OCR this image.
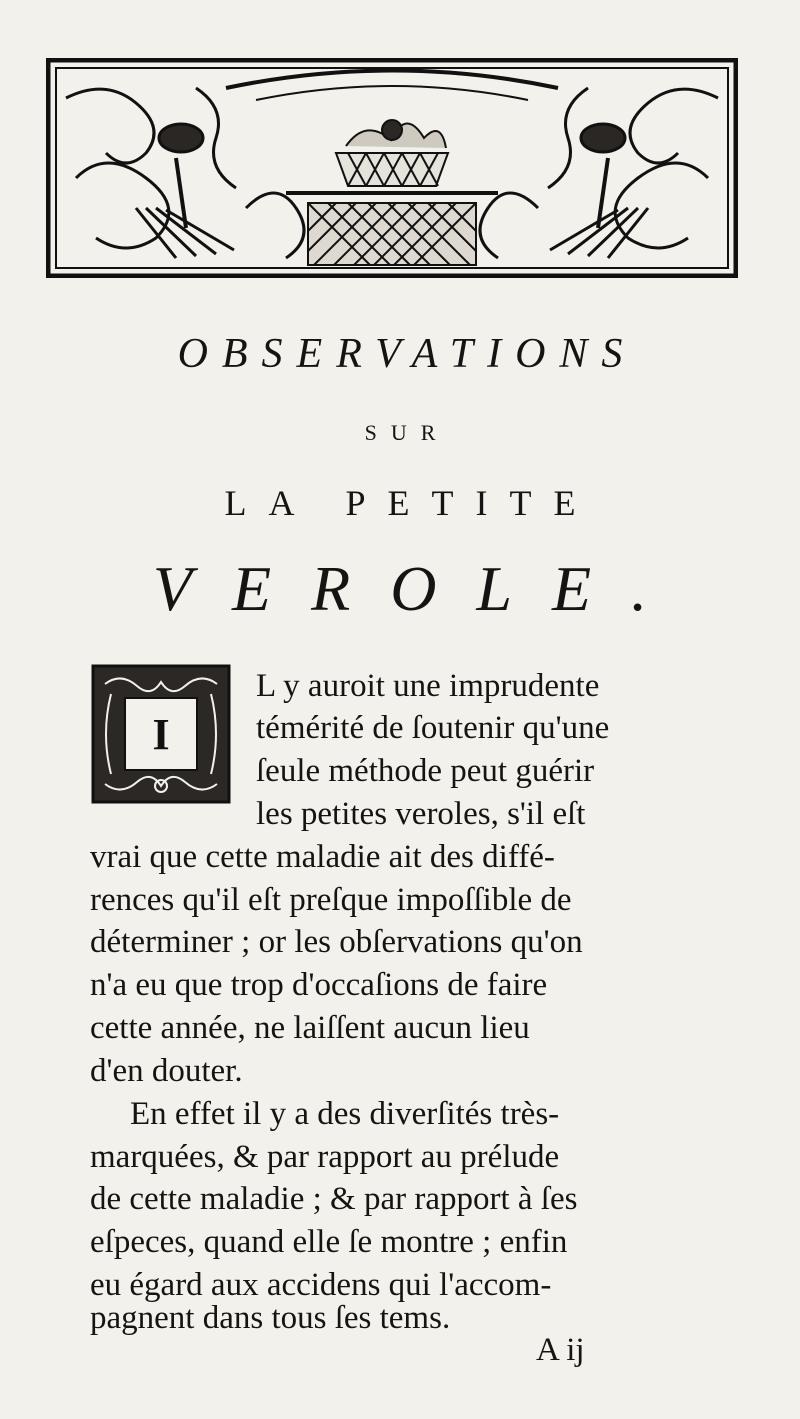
OBSERVATIONS
SUR
LA PETITE
VEROLE.
I
L y auroit une imprudente
témérité de ſoutenir qu'une
ſeule méthode peut guérir
les petites veroles, s'il eſt
vrai que cette maladie ait des diffé-
rences qu'il eſt preſque impoſſible de
déterminer ; or les obſervations qu'on
n'a eu que trop d'occaſions de faire
cette année, ne laiſſent aucun lieu
d'en douter.
En effet il y a des diverſités très-
marquées, & par rapport au prélude
de cette maladie ; & par rapport à ſes
eſpeces, quand elle ſe montre ; enfin
eu égard aux accidens qui l'accom-
pagnent dans tous ſes tems.
A ij
